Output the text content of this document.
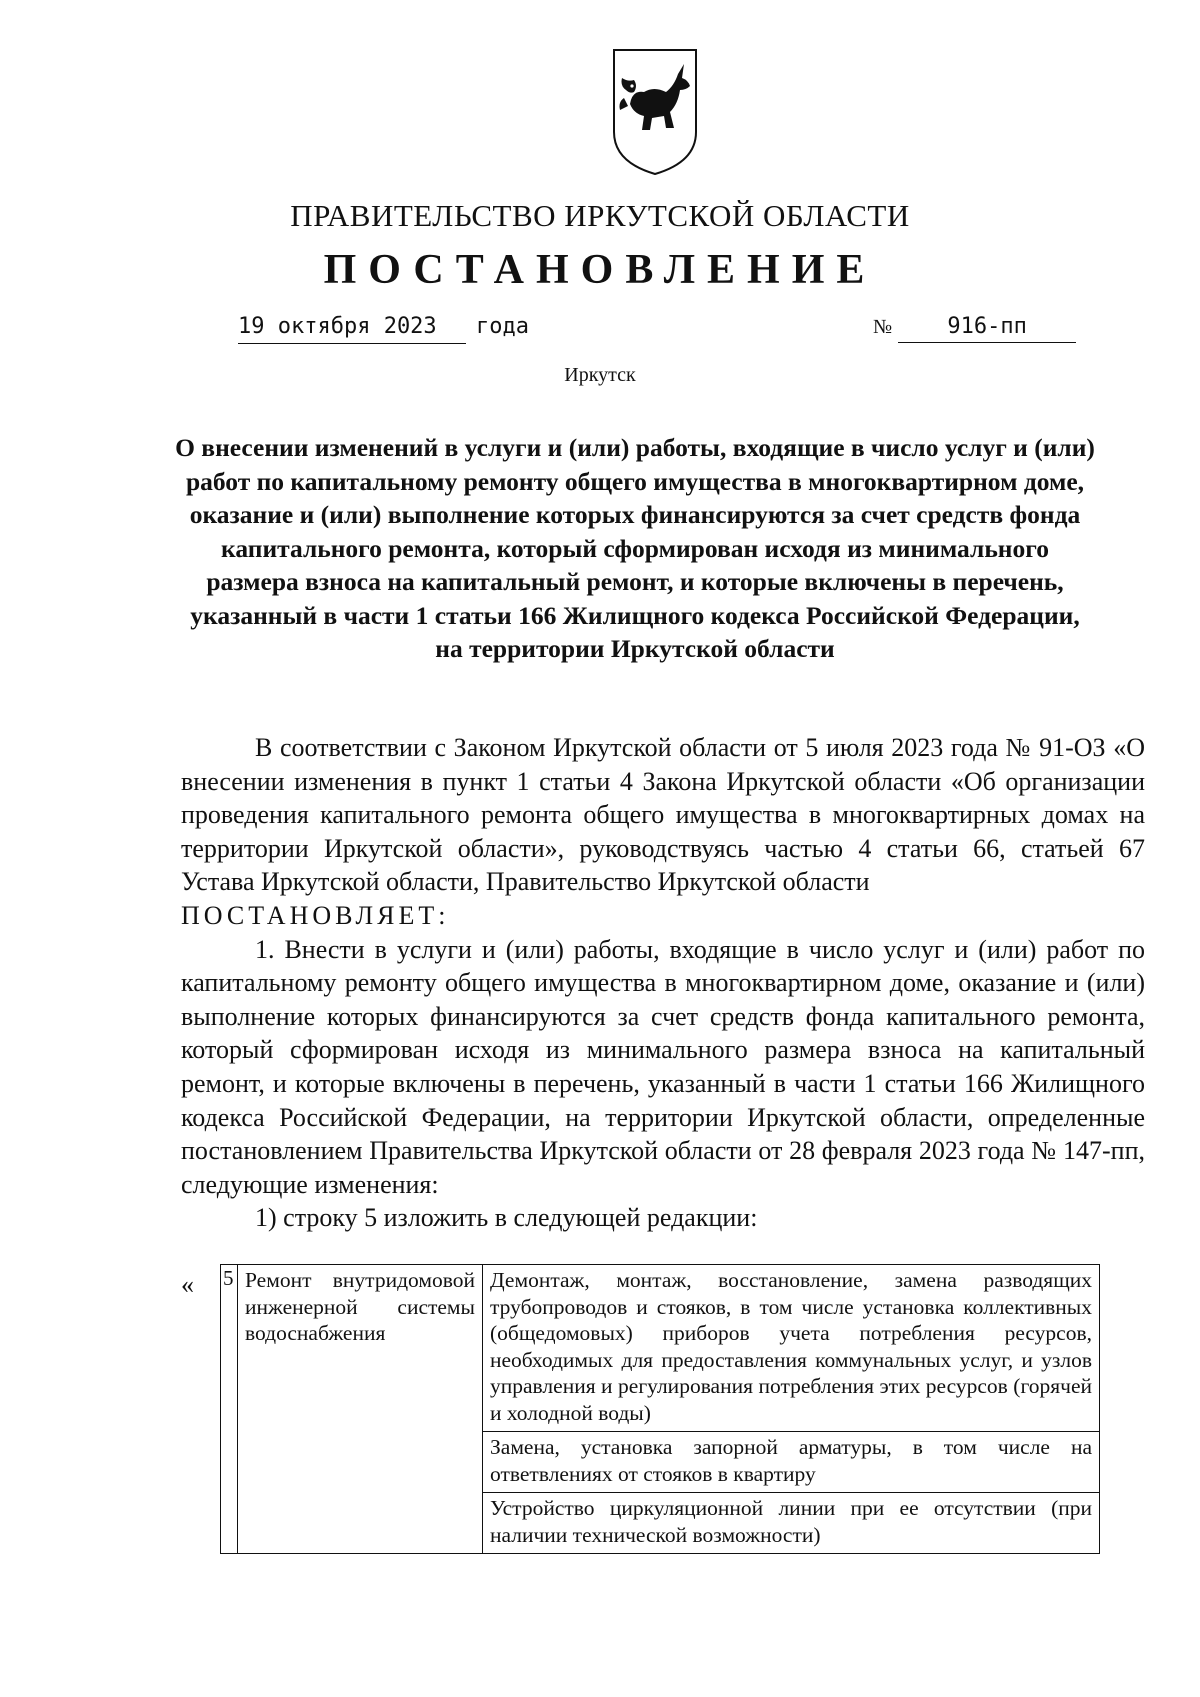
ПРАВИТЕЛЬСТВО ИРКУТСКОЙ ОБЛАСТИ
ПОСТАНОВЛЕНИЕ
19 октября 2023 года	№	916-пп
Иркутск

О внесении изменений в услуги и (или) работы, входящие в число услуг и (или) работ по капитальному ремонту общего имущества в многоквартирном доме, оказание и (или) выполнение которых финансируются за счет средств фонда капитального ремонта, который сформирован исходя из минимального размера взноса на капитальный ремонт, и которые включены в перечень, указанный в части 1 статьи 166 Жилищного кодекса Российской Федерации, на территории Иркутской области

В соответствии с Законом Иркутской области от 5 июля 2023 года № 91-ОЗ «О внесении изменения в пункт 1 статьи 4 Закона Иркутской области «Об организации проведения капитального ремонта общего имущества в многоквартирных домах на территории Иркутской области», руководствуясь частью 4 статьи 66, статьей 67 Устава Иркутской области, Правительство Иркутской области

ПОСТАНОВЛЯЕТ:

1. Внести в услуги и (или) работы, входящие в число услуг и (или) работ по капитальному ремонту общего имущества в многоквартирном доме, оказание и (или) выполнение которых финансируются за счет средств фонда капитального ремонта, который сформирован исходя из минимального размера взноса на капитальный ремонт, и которые включены в перечень, указанный в части 1 статьи 166 Жилищного кодекса Российской Федерации, на территории Иркутской области, определенные постановлением Правительства Иркутской области от 28 февраля 2023 года № 147-пп, следующие изменения:

1) строку 5 изложить в следующей редакции:

« 5	Ремонт внутридомовой инженерной системы водоснабжения	Демонтаж, монтаж, восстановление, замена разводящих трубопроводов и стояков, в том числе установка коллективных (общедомовых) приборов учета потребления ресурсов, необходимых для предоставления коммунальных услуг, и узлов управления и регулирования потребления этих ресурсов (горячей и холодной воды)
Замена, установка запорной арматуры, в том числе на ответвлениях от стояков в квартиру
Устройство циркуляционной линии при ее отсутствии (при наличии технической возможности)
